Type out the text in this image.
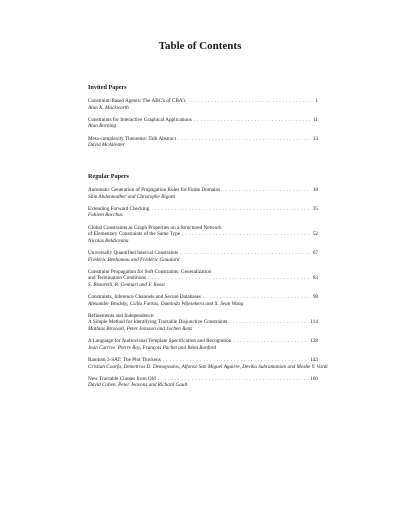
Table of Contents
Invited Papers
Constraint-Based Agents: The ABC's of CBA's . . .	1
Alan K. Mackworth
Constraints for Interactive Graphical Applications . . .	11
Alan Borning
Meta-complexity Theorems: Talk Abstract . . .	13
David McAllester
Regular Papers
Automatic Generation of Propagation Rules for Finite Domains . . .	18
Slim Abdennadher and Christophe Rigotti
Extending Forward Checking . . .	35
Fahiem Bacchus
Global Constraints as Graph Properties on a Structured Network
of Elementary Constraints of the Same Type . . .	52
Nicolas Beldiceanu
Universally Quantified Interval Constraints . . .	67
Frédéric Benhamou and Frédéric Goualard
Constraint Propagation for Soft Constraints: Generalization
and Termination Conditions . . .	83
S. Bistarelli, R. Gennari and F. Rossi
Constraints, Inference Channels and Secure Databases . . .	98
Alexander Brodsky, Csilla Farkas, Duminda Wijesekera and X. Sean Wang
Refinements and Independence:
A Simple Method for Identifying Tractable Disjunctive Constraints . . .	114
Mathias Broxvall, Peter Jonsson and Jochen Renz
A Language for Audiovisual Template Specification and Recognition . . .	128
Jean Carrive, Pierre Roy, François Pachet and Rémi Ronfard
Random 3-SAT: The Plot Thickens . . .	143
Cristian Coarfa, Demetrios D. Demopoulos, Alfonso San Miguel Aguirre, Devika Subramanian and Moshe Y. Vardi
New Tractable Classes from Old . . .	160
David Cohen, Peter Jeavons and Richard Gault
